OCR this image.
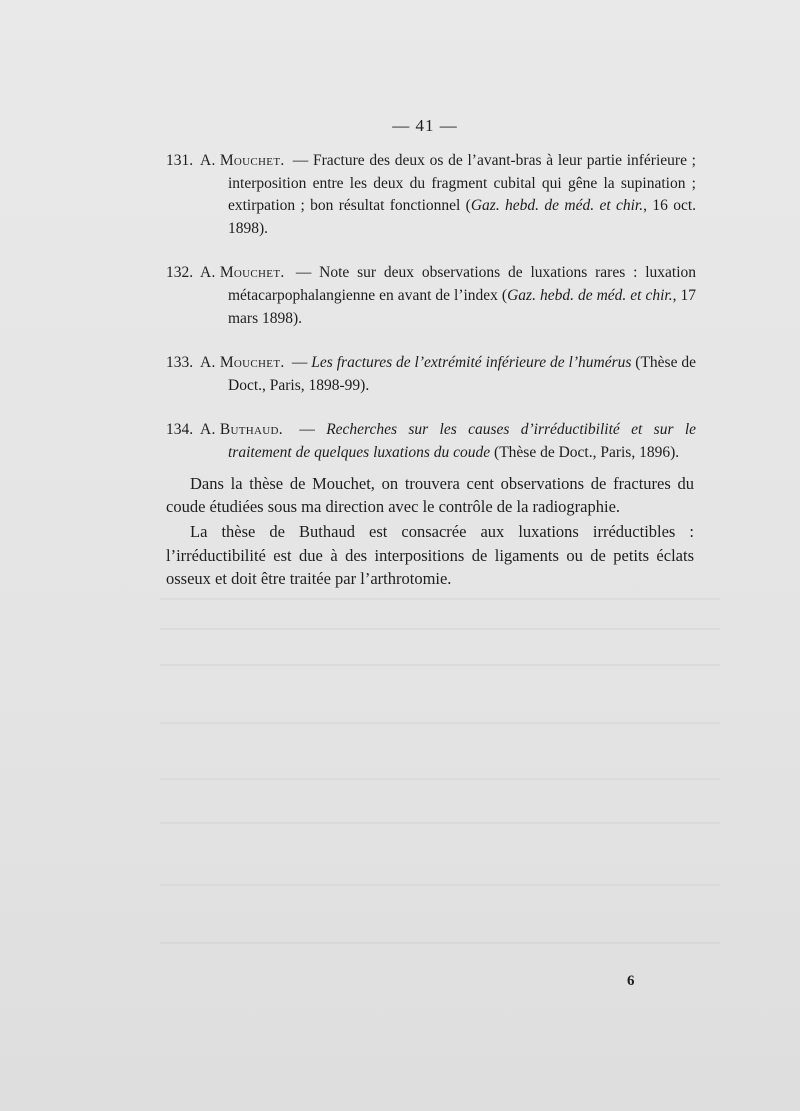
— 41 —
131. A. Mouchet. — Fracture des deux os de l’avant-bras à leur partie inférieure ; interposition entre les deux du fragment cubital qui gêne la supination ; extirpation ; bon résultat fonctionnel (Gaz. hebd. de méd. et chir., 16 oct. 1898).
132. A. Mouchet. — Note sur deux observations de luxations rares : luxation métacarpophalangienne en avant de l’index (Gaz. hebd. de méd. et chir., 17 mars 1898).
133. A. Mouchet. — Les fractures de l’extrémité inférieure de l’humérus (Thèse de Doct., Paris, 1898-99).
134. A. Buthaud. — Recherches sur les causes d’irréductibilité et sur le traitement de quelques luxations du coude (Thèse de Doct., Paris, 1896).

Dans la thèse de Mouchet, on trouvera cent observations de fractures du coude étudiées sous ma direction avec le contrôle de la radiographie.

La thèse de Buthaud est consacrée aux luxations irréductibles : l’irréductibilité est due à des interpositions de ligaments ou de petits éclats osseux et doit être traitée par l’arthrotomie.

6
